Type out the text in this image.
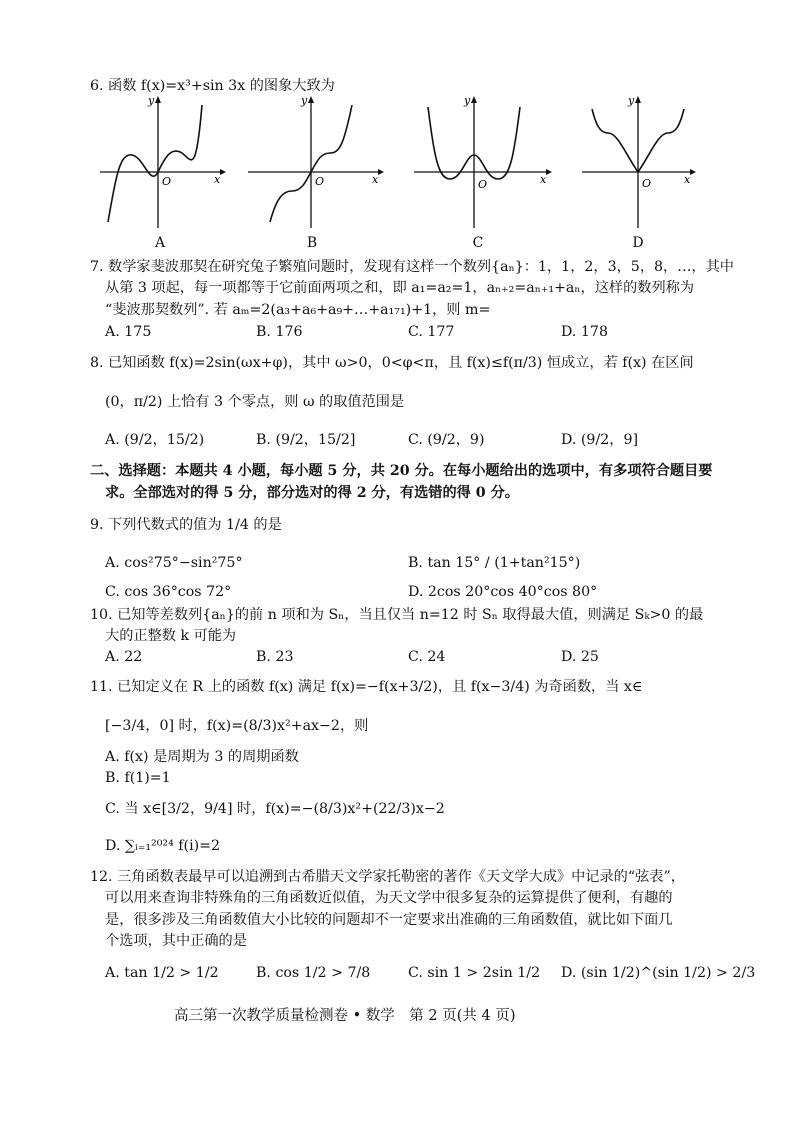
6. 函数 f(x)=x³+sin 3x 的图象大致为
y
x
O
y
x
O
y
x
O
y
x
O
A	B	C	D
7. 数学家斐波那契在研究兔子繁殖问题时，发现有这样一个数列{aₙ}：1，1，2，3，5，8，…，其中
从第 3 项起，每一项都等于它前面两项之和，即 a₁=a₂=1，aₙ₊₂=aₙ₊₁+aₙ，这样的数列称为
“斐波那契数列”. 若 aₘ=2(a₃+a₆+a₉+…+a₁₇₁)+1，则 m=
A. 175	B. 176	C. 177	D. 178
8. 已知函数 f(x)=2sin(ωx+φ)，其中 ω>0，0<φ<π，且 f(x)≤f(π/3) 恒成立，若 f(x) 在区间
(0，π/2) 上恰有 3 个零点，则 ω 的取值范围是
A. (9/2，15/2)	B. (9/2，15/2]	C. (9/2，9)	D. (9/2，9]
二、选择题：本题共 4 小题，每小题 5 分，共 20 分。在每小题给出的选项中，有多项符合题目要
求。全部选对的得 5 分，部分选对的得 2 分，有选错的得 0 分。
9. 下列代数式的值为 1/4 的是
A. cos²75°−sin²75°	B. tan 15° / (1+tan²15°)
C. cos 36°cos 72°	D. 2cos 20°cos 40°cos 80°
10. 已知等差数列{aₙ}的前 n 项和为 Sₙ，当且仅当 n=12 时 Sₙ 取得最大值，则满足 Sₖ>0 的最
大的正整数 k 可能为
A. 22	B. 23	C. 24	D. 25
11. 已知定义在 R 上的函数 f(x) 满足 f(x)=−f(x+3/2)，且 f(x−3/4) 为奇函数，当 x∈
[−3/4，0] 时，f(x)=(8/3)x²+ax−2，则
A. f(x) 是周期为 3 的周期函数
B. f(1)=1
C. 当 x∈[3/2，9/4] 时，f(x)=−(8/3)x²+(22/3)x−2
D. ∑ᵢ₌₁²⁰²⁴ f(i)=2
12. 三角函数表最早可以追溯到古希腊天文学家托勒密的著作《天文学大成》中记录的“弦表”，
可以用来查询非特殊角的三角函数近似值，为天文学中很多复杂的运算提供了便利，有趣的
是，很多涉及三角函数值大小比较的问题却不一定要求出准确的三角函数值，就比如下面几
个选项，其中正确的是
A. tan 1/2 > 1/2	B. cos 1/2 > 7/8	C. sin 1 > 2sin 1/2 D. (sin 1/2)^(sin 1/2) > 2/3
高三第一次教学质量检测卷 • 数学　第 2 页(共 4 页)
